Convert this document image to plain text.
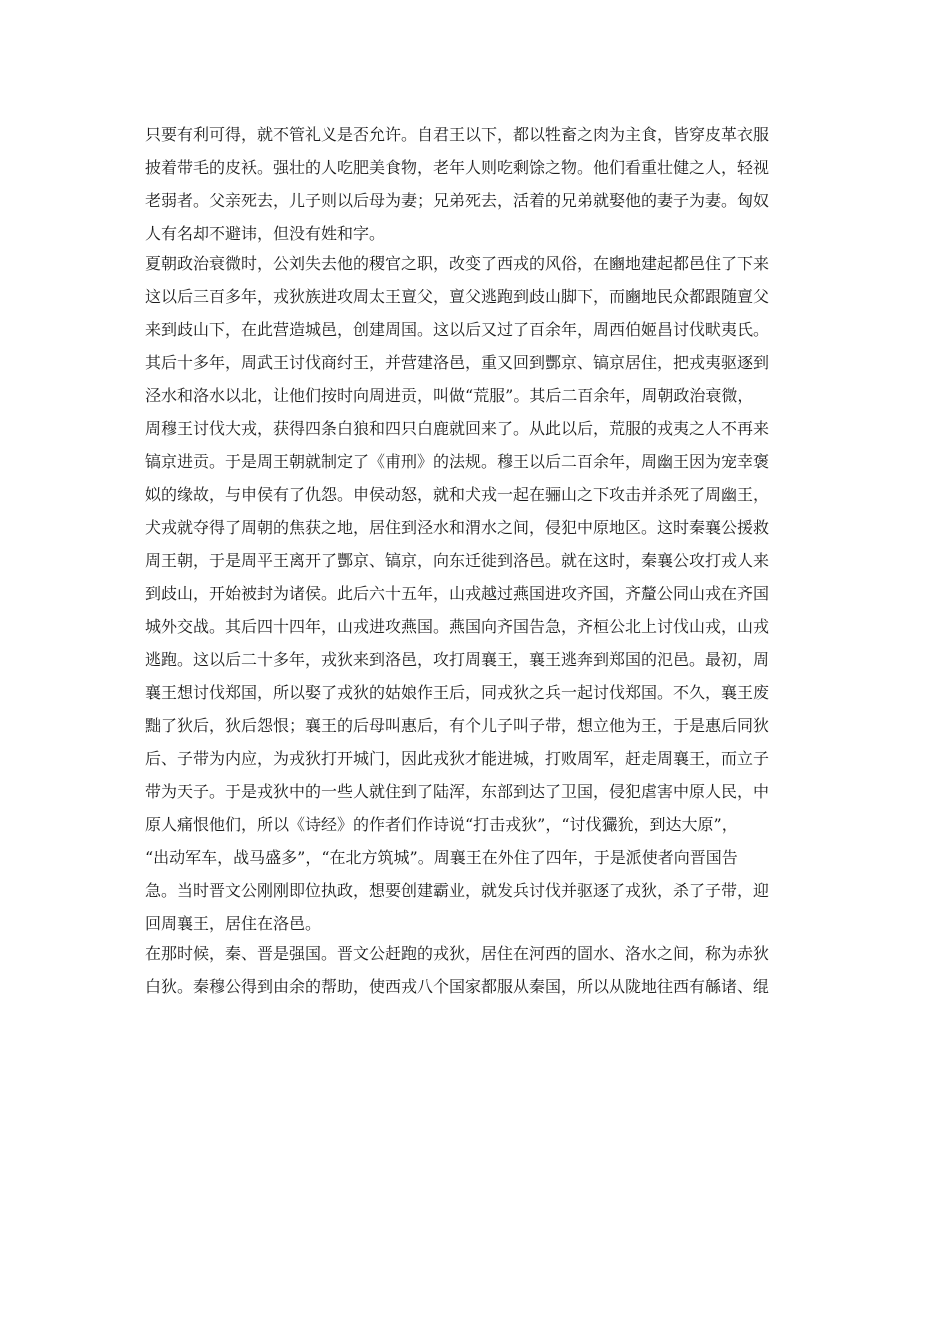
只要有利可得，就不管礼义是否允许。自君王以下，都以牲畜之肉为主食，皆穿皮革衣服
披着带毛的皮袄。强壮的人吃肥美食物，老年人则吃剩馀之物。他们看重壮健之人，轻视
老弱者。父亲死去，儿子则以后母为妻；兄弟死去，活着的兄弟就娶他的妻子为妻。匈奴
人有名却不避讳，但没有姓和字。
夏朝政治衰微时，公刘失去他的稷官之职，改变了西戎的风俗，在豳地建起都邑住了下来
这以后三百多年，戎狄族进攻周太王亶父，亶父逃跑到歧山脚下，而豳地民众都跟随亶父
来到歧山下，在此营造城邑，创建周国。这以后又过了百余年，周西伯姬昌讨伐畎夷氏。
其后十多年，周武王讨伐商纣王，并营建洛邑，重又回到酆京、镐京居住，把戎夷驱逐到
泾水和洛水以北，让他们按时向周进贡，叫做“荒服”。其后二百余年，周朝政治衰微，
周穆王讨伐大戎，获得四条白狼和四只白鹿就回来了。从此以后，荒服的戎夷之人不再来
镐京进贡。于是周王朝就制定了《甫刑》的法规。穆王以后二百余年，周幽王因为宠幸褒
姒的缘故，与申侯有了仇怨。申侯动怒，就和犬戎一起在骊山之下攻击并杀死了周幽王，
犬戎就夺得了周朝的焦获之地，居住到泾水和渭水之间，侵犯中原地区。这时秦襄公援救
周王朝，于是周平王离开了酆京、镐京，向东迁徙到洛邑。就在这时，秦襄公攻打戎人来
到歧山，开始被封为诸侯。此后六十五年，山戎越过燕国进攻齐国，齐釐公同山戎在齐国
城外交战。其后四十四年，山戎进攻燕国。燕国向齐国告急，齐桓公北上讨伐山戎，山戎
逃跑。这以后二十多年，戎狄来到洛邑，攻打周襄王，襄王逃奔到郑国的氾邑。最初，周
襄王想讨伐郑国，所以娶了戎狄的姑娘作王后，同戎狄之兵一起讨伐郑国。不久，襄王废
黜了狄后，狄后怨恨；襄王的后母叫惠后，有个儿子叫子带，想立他为王，于是惠后同狄
后、子带为内应，为戎狄打开城门，因此戎狄才能进城，打败周军，赶走周襄王，而立子
带为天子。于是戎狄中的一些人就住到了陆浑，东部到达了卫国，侵犯虐害中原人民，中
原人痛恨他们，所以《诗经》的作者们作诗说“打击戎狄”，“讨伐玁狁，到达大原”，
“出动军车，战马盛多”，“在北方筑城”。周襄王在外住了四年，于是派使者向晋国告
急。当时晋文公刚刚即位执政，想要创建霸业，就发兵讨伐并驱逐了戎狄，杀了子带，迎
回周襄王，居住在洛邑。
在那时候，秦、晋是强国。晋文公赶跑的戎狄，居住在河西的圁水、洛水之间，称为赤狄
白狄。秦穆公得到由余的帮助，使西戎八个国家都服从秦国，所以从陇地往西有緜诸、绲
